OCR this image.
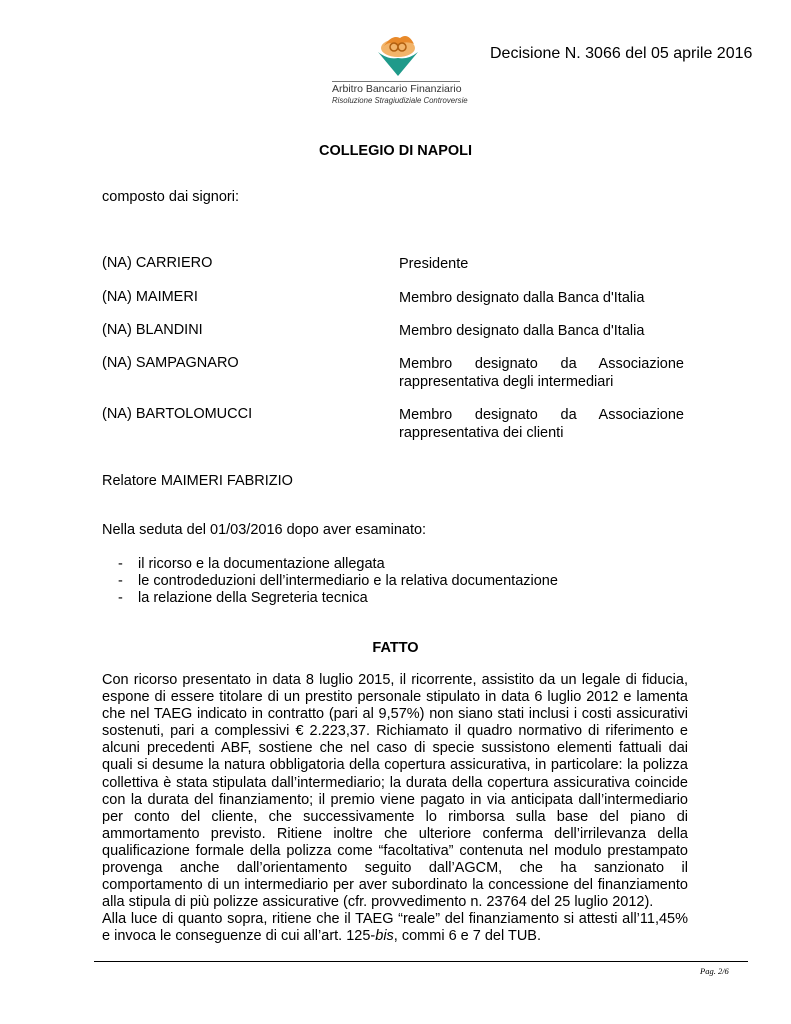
Arbitro Bancario Finanziario
Risoluzione Stragiudiziale Controversie
Decisione N. 3066 del 05 aprile 2016
COLLEGIO DI NAPOLI
composto dai signori:
(NA) CARRIERO	Presidente
(NA) MAIMERI	Membro designato dalla Banca d'Italia
(NA) BLANDINI	Membro designato dalla Banca d'Italia
(NA) SAMPAGNARO	Membro designato da Associazione
rappresentativa degli intermediari
(NA) BARTOLOMUCCI	Membro designato da Associazione
rappresentativa dei clienti
Relatore MAIMERI FABRIZIO
Nella seduta del 01/03/2016 dopo aver esaminato:
- il ricorso e la documentazione allegata
- le controdeduzioni dell’intermediario e la relativa documentazione
- la relazione della Segreteria tecnica
FATTO
Con ricorso presentato in data 8 luglio 2015, il ricorrente, assistito da un legale di fiducia,
espone di essere titolare di un prestito personale stipulato in data 6 luglio 2012 e lamenta
che nel TAEG indicato in contratto (pari al 9,57%) non siano stati inclusi i costi assicurativi
sostenuti, pari a complessivi € 2.223,37. Richiamato il quadro normativo di riferimento e
alcuni precedenti ABF, sostiene che nel caso di specie sussistono elementi fattuali dai
quali si desume la natura obbligatoria della copertura assicurativa, in particolare: la polizza
collettiva è stata stipulata dall’intermediario; la durata della copertura assicurativa coincide
con la durata del finanziamento; il premio viene pagato in via anticipata dall’intermediario
per conto del cliente, che successivamente lo rimborsa sulla base del piano di
ammortamento previsto. Ritiene inoltre che ulteriore conferma dell’irrilevanza della
qualificazione formale della polizza come “facoltativa” contenuta nel modulo prestampato
provenga anche dall’orientamento seguito dall’AGCM, che ha sanzionato il
comportamento di un intermediario per aver subordinato la concessione del finanziamento
alla stipula di più polizze assicurative (cfr. provvedimento n. 23764 del 25 luglio 2012).
Alla luce di quanto sopra, ritiene che il TAEG “reale” del finanziamento si attesti all’11,45%
e invoca le conseguenze di cui all’art. 125-bis, commi 6 e 7 del TUB.
Pag. 2/6
